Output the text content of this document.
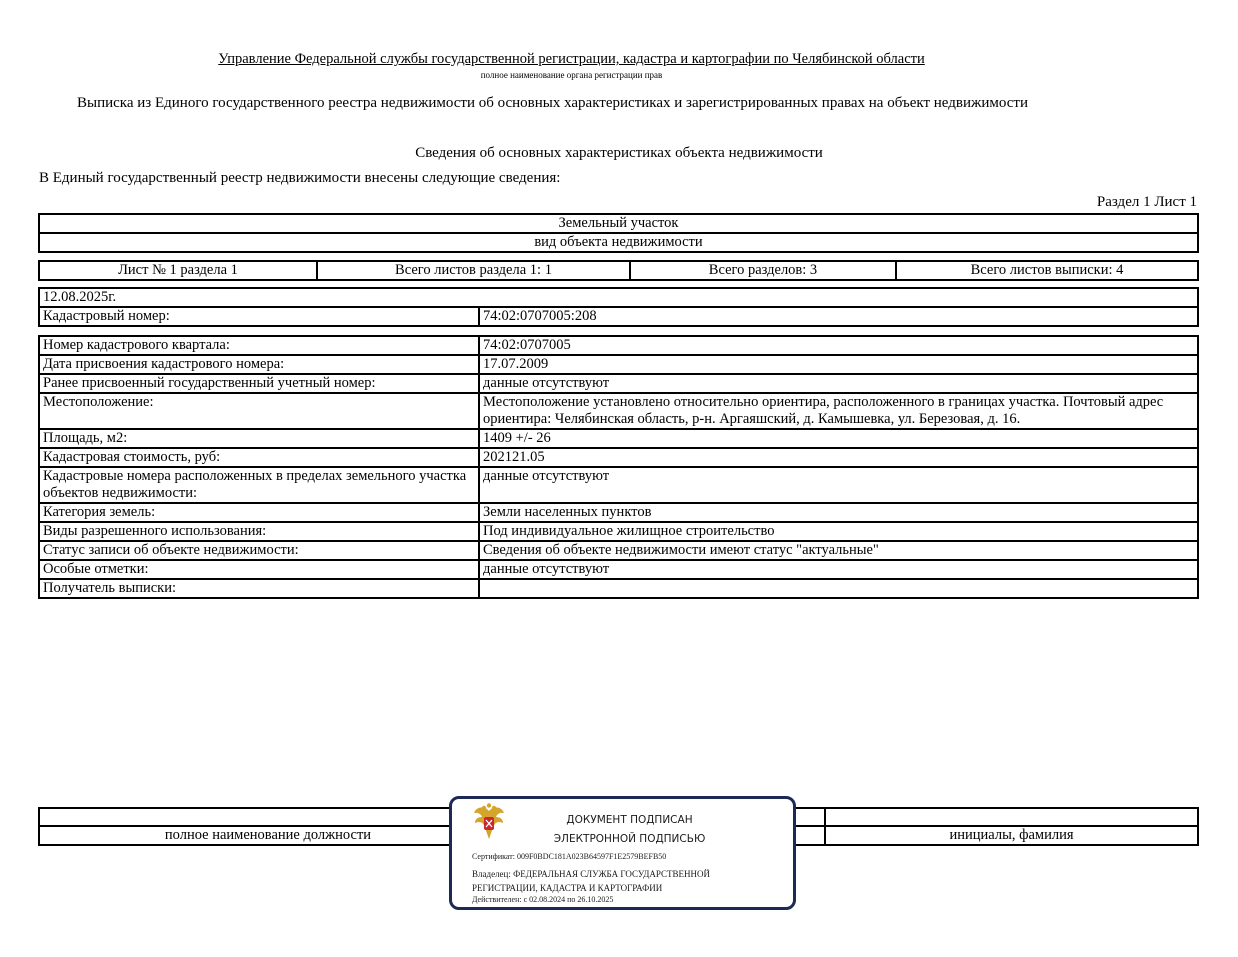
Управление Федеральной службы государственной регистрации, кадастра и картографии по Челябинской области
полное наименование органа регистрации прав
Выписка из Единого государственного реестра недвижимости об основных характеристиках и зарегистрированных правах на объект недвижимости
Сведения об основных характеристиках объекта недвижимости
В Единый государственный реестр недвижимости внесены следующие сведения:
Раздел 1 Лист 1
Земельный участок
вид объекта недвижимости
Лист № 1 раздела 1	Всего листов раздела 1: 1	Всего разделов: 3	Всего листов выписки: 4
12.08.2025г.
Кадастровый номер:	74:02:0707005:208
Номер кадастрового квартала:	74:02:0707005
Дата присвоения кадастрового номера:	17.07.2009
Ранее присвоенный государственный учетный номер:	данные отсутствуют
Местоположение:	Местоположение установлено относительно ориентира, расположенного в границах участка. Почтовый адрес ориентира: Челябинская область, р-н. Аргаяшский, д. Камышевка, ул. Березовая, д. 16.
Площадь, м2:	1409 +/- 26
Кадастровая стоимость, руб:	202121.05
Кадастровые номера расположенных в пределах земельного участка объектов недвижимости:	данные отсутствуют
Категория земель:	Земли населенных пунктов
Виды разрешенного использования:	Под индивидуальное жилищное строительство
Статус записи об объекте недвижимости:	Сведения об объекте недвижимости имеют статус "актуальные"
Особые отметки:	данные отсутствуют
Получатель выписки:	

полное наименование должности		инициалы, фамилия
ДОКУМЕНТ ПОДПИСАН
ЭЛЕКТРОННОЙ ПОДПИСЬЮ
Сертификат: 009F0BDC181A023B64597F1E2579BEFB50
Владелец: ФЕДЕРАЛЬНАЯ СЛУЖБА ГОСУДАРСТВЕННОЙ
РЕГИСТРАЦИИ, КАДАСТРА И КАРТОГРАФИИ
Действителен: с 02.08.2024 по 26.10.2025
